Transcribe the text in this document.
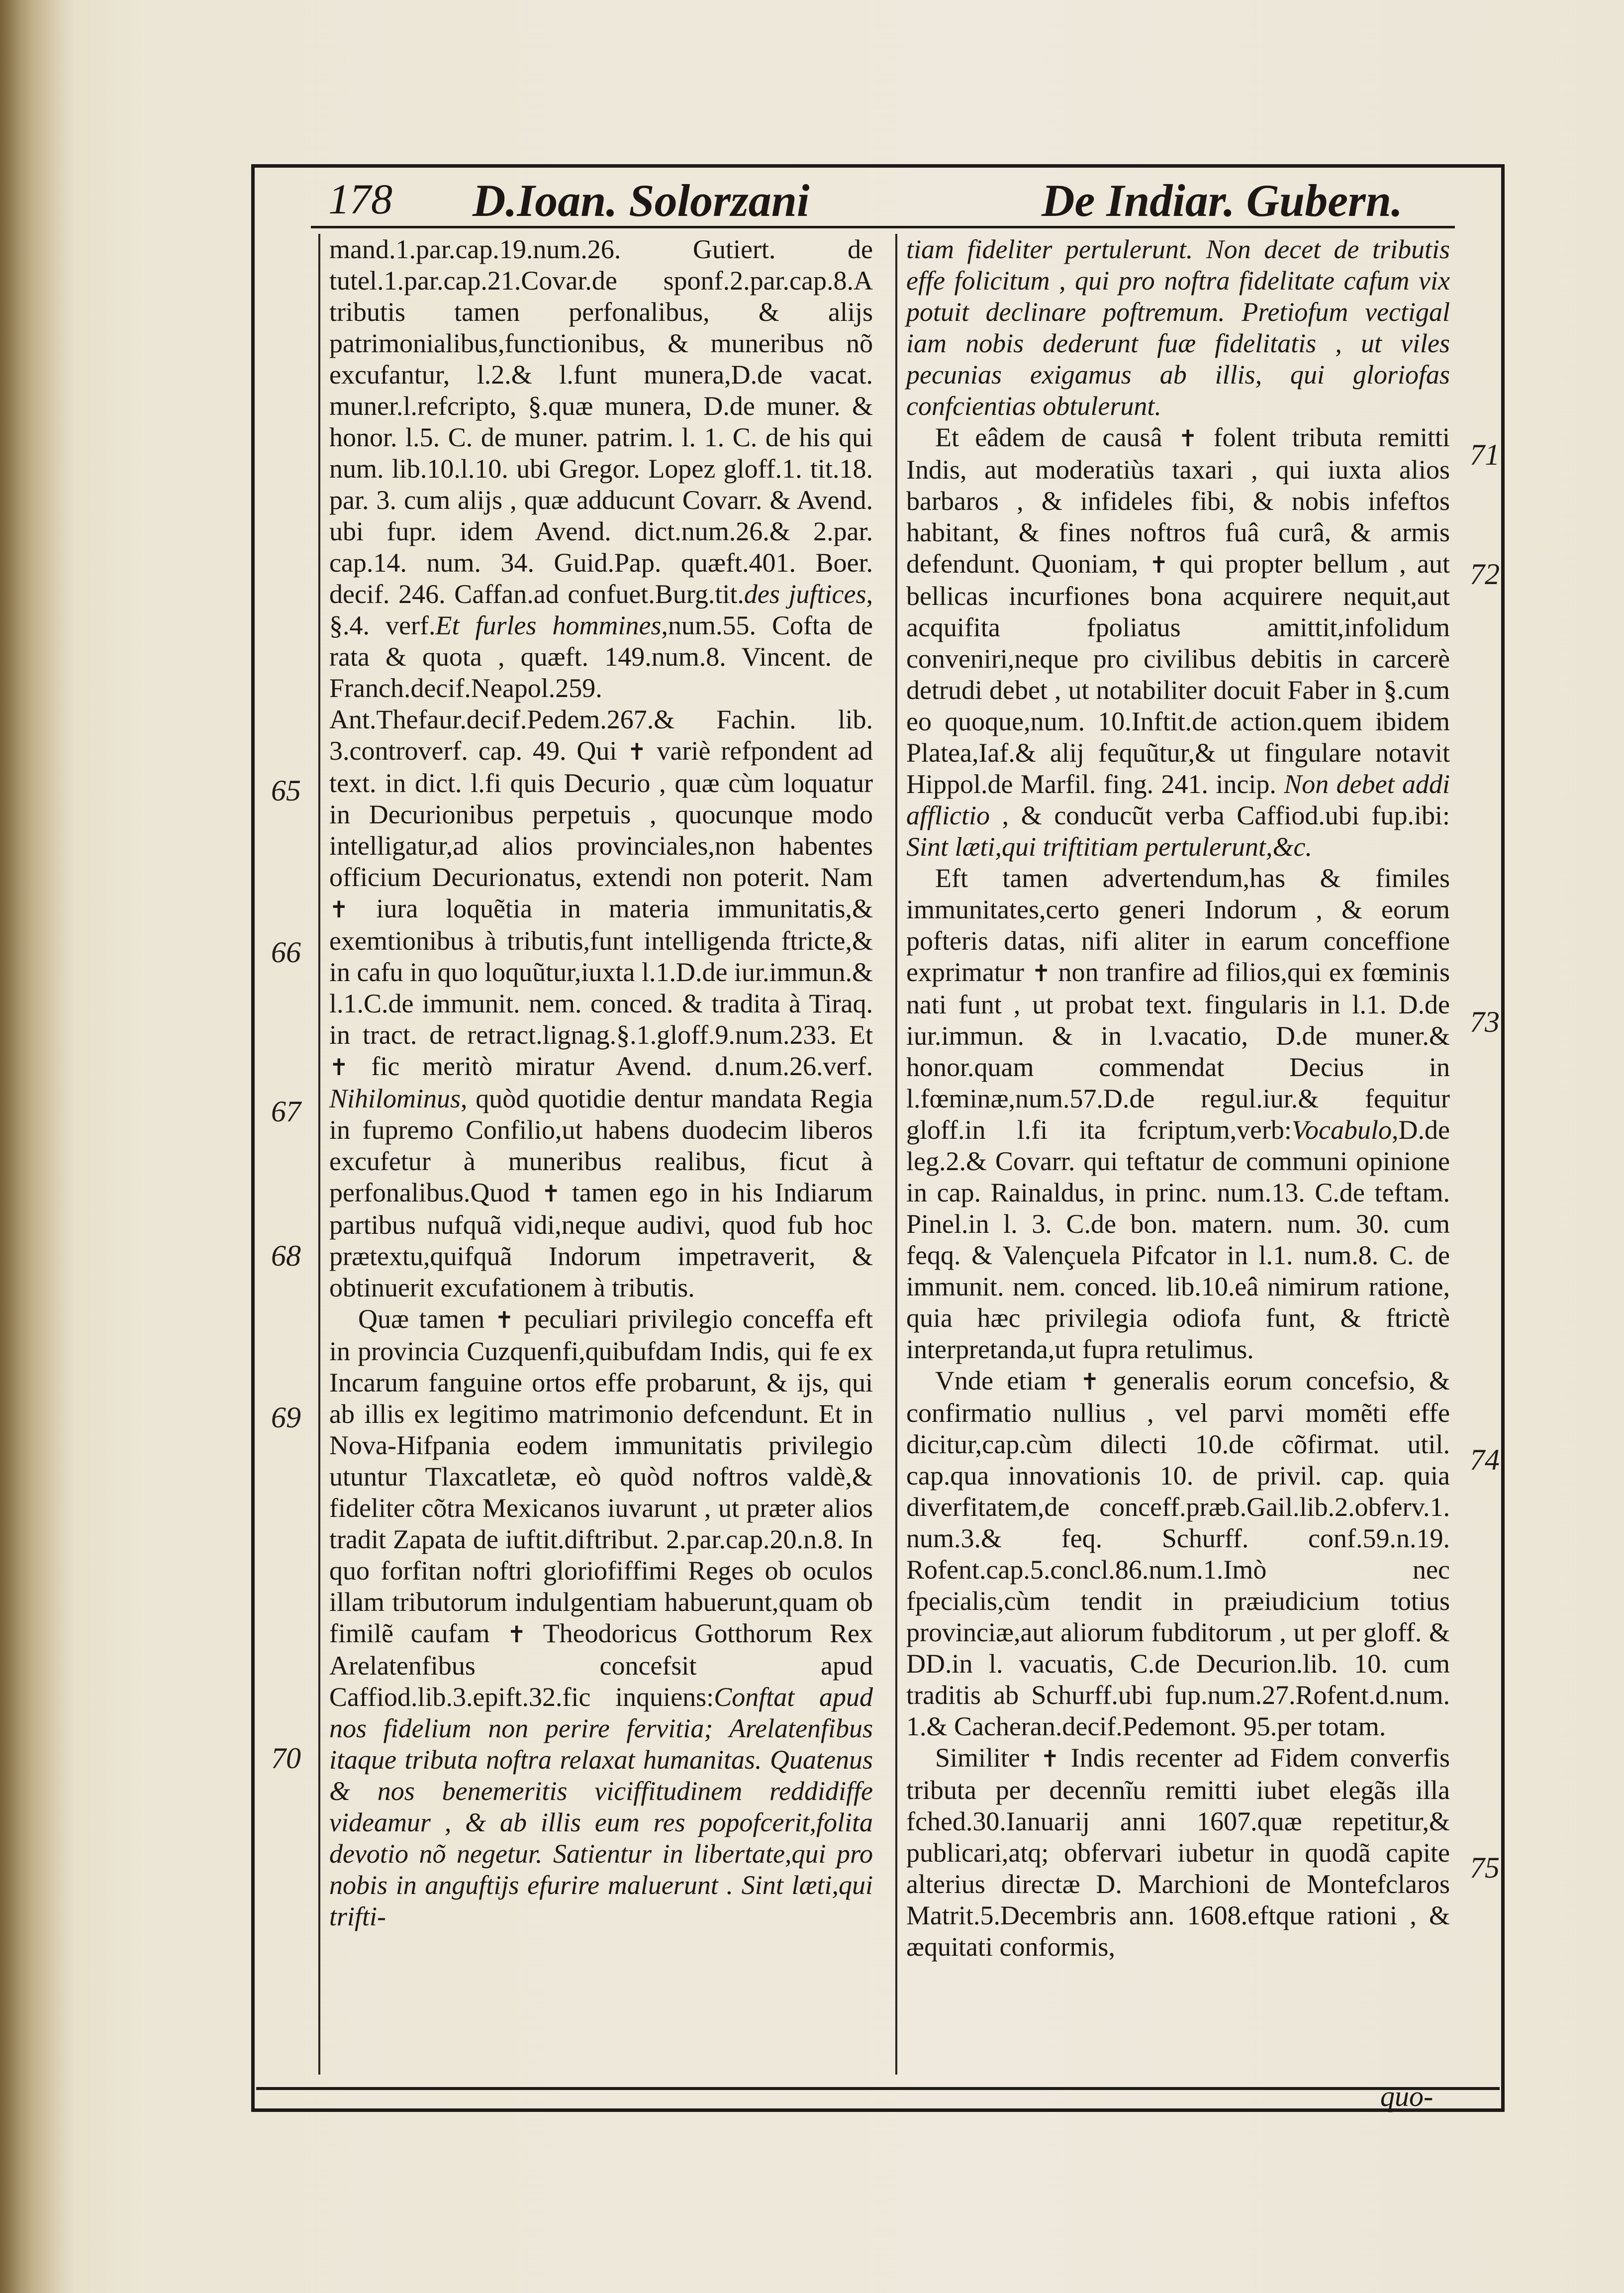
178 D.Ioan. Solorzani	De Indiar. Gubern.

mand.1.par.cap.19.num.26. Gutiert. de tutel.1.par.cap.21.Covar.de sponf.2.par.cap.8.A tributis tamen perfonalibus, & alijs patrimonialibus,functionibus, & muneribus nõ excufantur, l.2.& l.funt munera,D.de vacat. muner.l.refcripto, §.quæ munera, D.de muner. & honor. l.5. C. de muner. patrim. l. 1. C. de his qui num. lib.10.l.10. ubi Gregor. Lopez gloff.1. tit.18. par. 3. cum alijs , quæ adducunt Covarr. & Avend. ubi fupr. idem Avend. dict.num.26.& 2.par. cap.14. num. 34. Guid.Pap. quæft.401. Boer. decif. 246. Caffan.ad confuet.Burg.tit.des juftices, §.4. verf.Et furles hommines,num.55. Cofta de rata & quota , quæft. 149.num.8. Vincent. de Franch.decif.Neapol.259. Ant.Thefaur.decif.Pedem.267.& Fachin. lib. 3.controverf. cap. 49. Qui ✝ variè refpondent ad text. in dict. l.fi quis Decurio , quæ cùm loquatur in Decurionibus perpetuis , quocunque modo intelligatur,ad alios provinciales,non habentes officium Decurionatus, extendi non poterit. Nam ✝ iura loquẽtia in materia immunitatis,& exemtionibus à tributis,funt intelligenda ftricte,& in cafu in quo loquũtur,iuxta l.1.D.de iur.immun.& l.1.C.de immunit. nem. conced. & tradita à Tiraq. in tract. de retract.lignag.§.1.gloff.9.num.233. Et ✝ fic meritò miratur Avend. d.num.26.verf. Nihilominus, quòd quotidie dentur mandata Regia in fupremo Confilio,ut habens duodecim liberos excufetur à muneribus realibus, ficut à perfonalibus.Quod ✝ tamen ego in his Indiarum partibus nufquã vidi,neque audivi, quod fub hoc prætextu,quifquã Indorum impetraverit, & obtinuerit excufationem à tributis.

Quæ tamen ✝ peculiari privilegio conceffa eft in provincia Cuzquenfi,quibufdam Indis, qui fe ex Incarum fanguine ortos effe probarunt, & ijs, qui ab illis ex legitimo matrimonio defcendunt. Et in Nova-Hifpania eodem immunitatis privilegio utuntur Tlaxcatletæ, eò quòd noftros valdè,& fideliter cõtra Mexicanos iuvarunt , ut præter alios tradit Zapata de iuftit.diftribut. 2.par.cap.20.n.8. In quo forfitan noftri gloriofiffimi Reges ob oculos illam tributorum indulgentiam habuerunt,quam ob fimilẽ caufam ✝ Theodoricus Gotthorum Rex Arelatenfibus concefsit apud Caffiod.lib.3.epift.32.fic inquiens:Conftat apud nos fidelium non perire fervitia; Arelatenfibus itaque tributa noftra relaxat humanitas. Quatenus & nos benemeritis viciffitudinem reddidiffe videamur , & ab illis eum res popofcerit,folita devotio nõ negetur. Satientur in libertate,qui pro nobis in anguftijs efurire maluerunt . Sint læti,qui trifti-

tiam fideliter pertulerunt. Non decet de tributis effe folicitum , qui pro noftra fidelitate cafum vix potuit declinare poftremum. Pretiofum vectigal iam nobis dederunt fuæ fidelitatis , ut viles pecunias exigamus ab illis, qui gloriofas confcientias obtulerunt.

Et eâdem de causâ ✝ folent tributa remitti Indis, aut moderatiùs taxari , qui iuxta alios barbaros , & infideles fibi, & nobis infeftos habitant, & fines noftros fuâ curâ, & armis defendunt. Quoniam, ✝ qui propter bellum , aut bellicas incurfiones bona acquirere nequit,aut acquifita fpoliatus amittit,infolidum conveniri,neque pro civilibus debitis in carcerè detrudi debet , ut notabiliter docuit Faber in §.cum eo quoque,num. 10.Inftit.de action.quem ibidem Platea,Iaf.& alij fequũtur,& ut fingulare notavit Hippol.de Marfil. fing. 241. incip. Non debet addi afflictio , & conducũt verba Caffiod.ubi fup.ibi: Sint læti,qui triftitiam pertulerunt,&c.

Eft tamen advertendum,has & fimiles immunitates,certo generi Indorum , & eorum pofteris datas, nifi aliter in earum conceffione exprimatur ✝ non tranfire ad filios,qui ex fœminis nati funt , ut probat text. fingularis in l.1. D.de iur.immun. & in l.vacatio, D.de muner.& honor.quam commendat Decius in l.fœminæ,num.57.D.de regul.iur.& fequitur gloff.in l.fi ita fcriptum,verb:Vocabulo,D.de leg.2.& Covarr. qui teftatur de communi opinione in cap. Rainaldus, in princ. num.13. C.de teftam. Pinel.in l. 3. C.de bon. matern. num. 30. cum feqq. & Valençuela Pifcator in l.1. num.8. C. de immunit. nem. conced. lib.10.eâ nimirum ratione, quia hæc privilegia odiofa funt, & ftrictè interpretanda,ut fupra retulimus.

Vnde etiam ✝ generalis eorum concefsio, & confirmatio nullius , vel parvi momẽti effe dicitur,cap.cùm dilecti 10.de cõfirmat. util. cap.qua innovationis 10. de privil. cap. quia diverfitatem,de conceff.præb.Gail.lib.2.obferv.1. num.3.& feq. Schurff. conf.59.n.19. Rofent.cap.5.concl.86.num.1.Imò nec fpecialis,cùm tendit in præiudicium totius provinciæ,aut aliorum fubditorum , ut per gloff. & DD.in l. vacuatis, C.de Decurion.lib. 10. cum traditis ab Schurff.ubi fup.num.27.Rofent.d.num. 1.& Cacheran.decif.Pedemont. 95.per totam.

Similiter ✝ Indis recenter ad Fidem converfis tributa per decennĩu remitti iubet elegãs illa fched.30.Ianuarij anni 1607.quæ repetitur,& publicari,atq; obfervari iubetur in quodã capite alterius directæ D. Marchioni de Montefclaros Matrit.5.Decembris ann. 1608.eftque rationi , & æquitati conformis,

65
66
67
68
69
70
71
72
73
74
75
quo-
